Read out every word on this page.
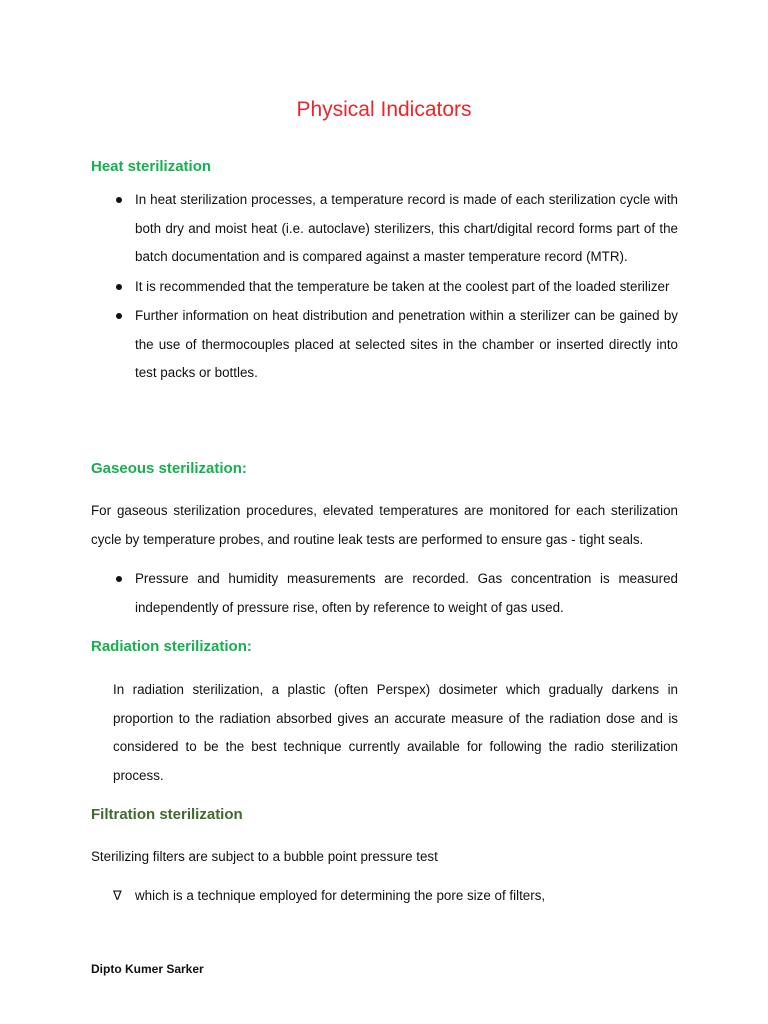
Physical Indicators
Heat sterilization
In heat sterilization processes, a temperature record is made of each sterilization cycle with both dry and moist heat (i.e. autoclave) sterilizers, this chart/digital record forms part of the batch documentation and is compared against a master temperature record (MTR).
It is recommended that the temperature be taken at the coolest part of the loaded sterilizer
Further information on heat distribution and penetration within a sterilizer can be gained by the use of thermocouples placed at selected sites in the chamber or inserted directly into test packs or bottles.
Gaseous sterilization:

For gaseous sterilization procedures, elevated temperatures are monitored for each sterilization cycle by temperature probes, and routine leak tests are performed to ensure gas - tight seals.

Pressure and humidity measurements are recorded. Gas concentration is measured independently of pressure rise, often by reference to weight of gas used.
Radiation sterilization:

In radiation sterilization, a plastic (often Perspex) dosimeter which gradually darkens in proportion to the radiation absorbed gives an accurate measure of the radiation dose and is considered to be the best technique currently available for following the radio sterilization process.

Filtration sterilization

Sterilizing filters are subject to a bubble point pressure test

∇ which is a technique employed for determining the pore size of filters,
Dipto Kumer Sarker
